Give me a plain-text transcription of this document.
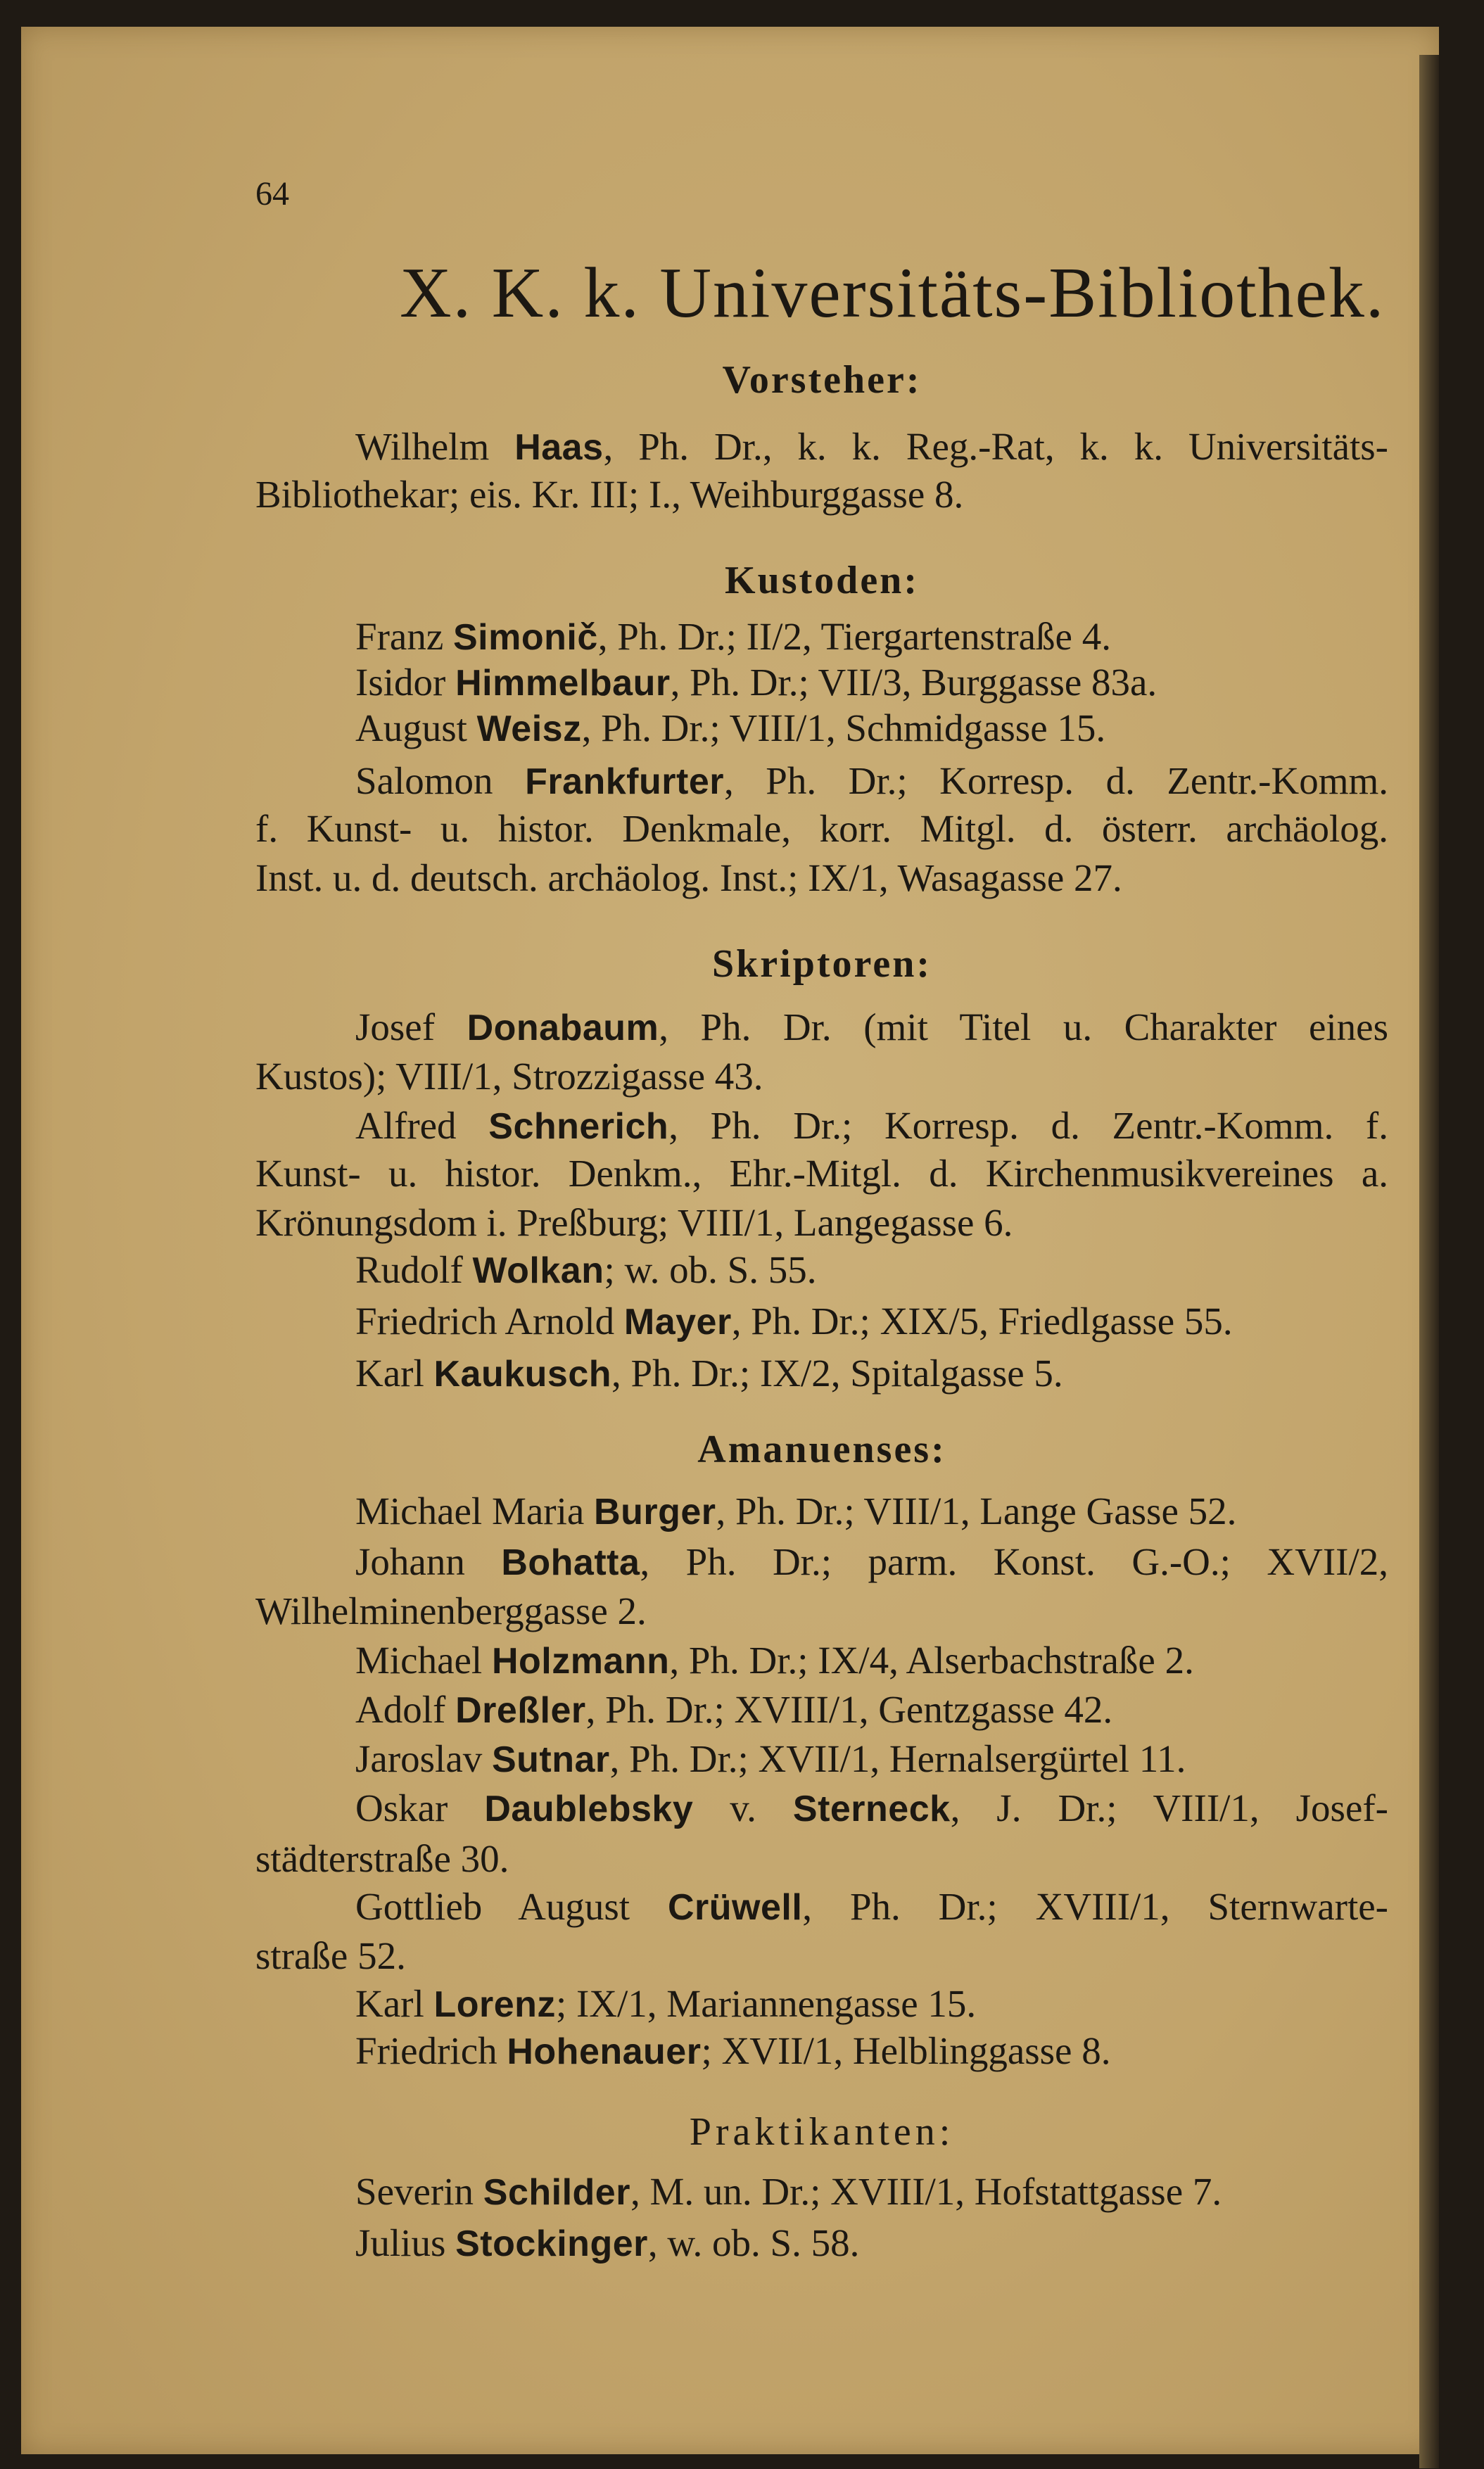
64
X. K. k. Universitäts-Bibliothek.
Vorsteher:
Wilhelm Haas, Ph. Dr., k. k. Reg.-Rat, k. k. Universitäts-
Bibliothekar; eis. Kr. III; I., Weihburggasse 8.
Kustoden:
Franz Simonič, Ph. Dr.; II/2, Tiergartenstraße 4.
Isidor Himmelbaur, Ph. Dr.; VII/3, Burggasse 83a.
August Weisz, Ph. Dr.; VIII/1, Schmidgasse 15.
Salomon Frankfurter, Ph. Dr.; Korresp. d. Zentr.-Komm.
f. Kunst- u. histor. Denkmale, korr. Mitgl. d. österr. archäolog.
Inst. u. d. deutsch. archäolog. Inst.; IX/1, Wasagasse 27.
Skriptoren:
Josef Donabaum, Ph. Dr. (mit Titel u. Charakter eines
Kustos); VIII/1, Strozzigasse 43.
Alfred Schnerich, Ph. Dr.; Korresp. d. Zentr.-Komm. f.
Kunst- u. histor. Denkm., Ehr.-Mitgl. d. Kirchenmusikvereines a.
Krönungsdom i. Preßburg; VIII/1, Langegasse 6.
Rudolf Wolkan; w. ob. S. 55.
Friedrich Arnold Mayer, Ph. Dr.; XIX/5, Friedlgasse 55.
Karl Kaukusch, Ph. Dr.; IX/2, Spitalgasse 5.
Amanuenses:
Michael Maria Burger, Ph. Dr.; VIII/1, Lange Gasse 52.
Johann Bohatta, Ph. Dr.; parm. Konst. G.-O.; XVII/2,
Wilhelminenberggasse 2.
Michael Holzmann, Ph. Dr.; IX/4, Alserbachstraße 2.
Adolf Dreßler, Ph. Dr.; XVIII/1, Gentzgasse 42.
Jaroslav Sutnar, Ph. Dr.; XVII/1, Hernalsergürtel 11.
Oskar Daublebsky v. Sterneck, J. Dr.; VIII/1, Josef-
städterstraße 30.
Gottlieb August Crüwell, Ph. Dr.; XVIII/1, Sternwarte-
straße 52.
Karl Lorenz; IX/1, Mariannengasse 15.
Friedrich Hohenauer; XVII/1, Helblinggasse 8.
Praktikanten:
Severin Schilder, M. un. Dr.; XVIII/1, Hofstattgasse 7.
Julius Stockinger, w. ob. S. 58.
